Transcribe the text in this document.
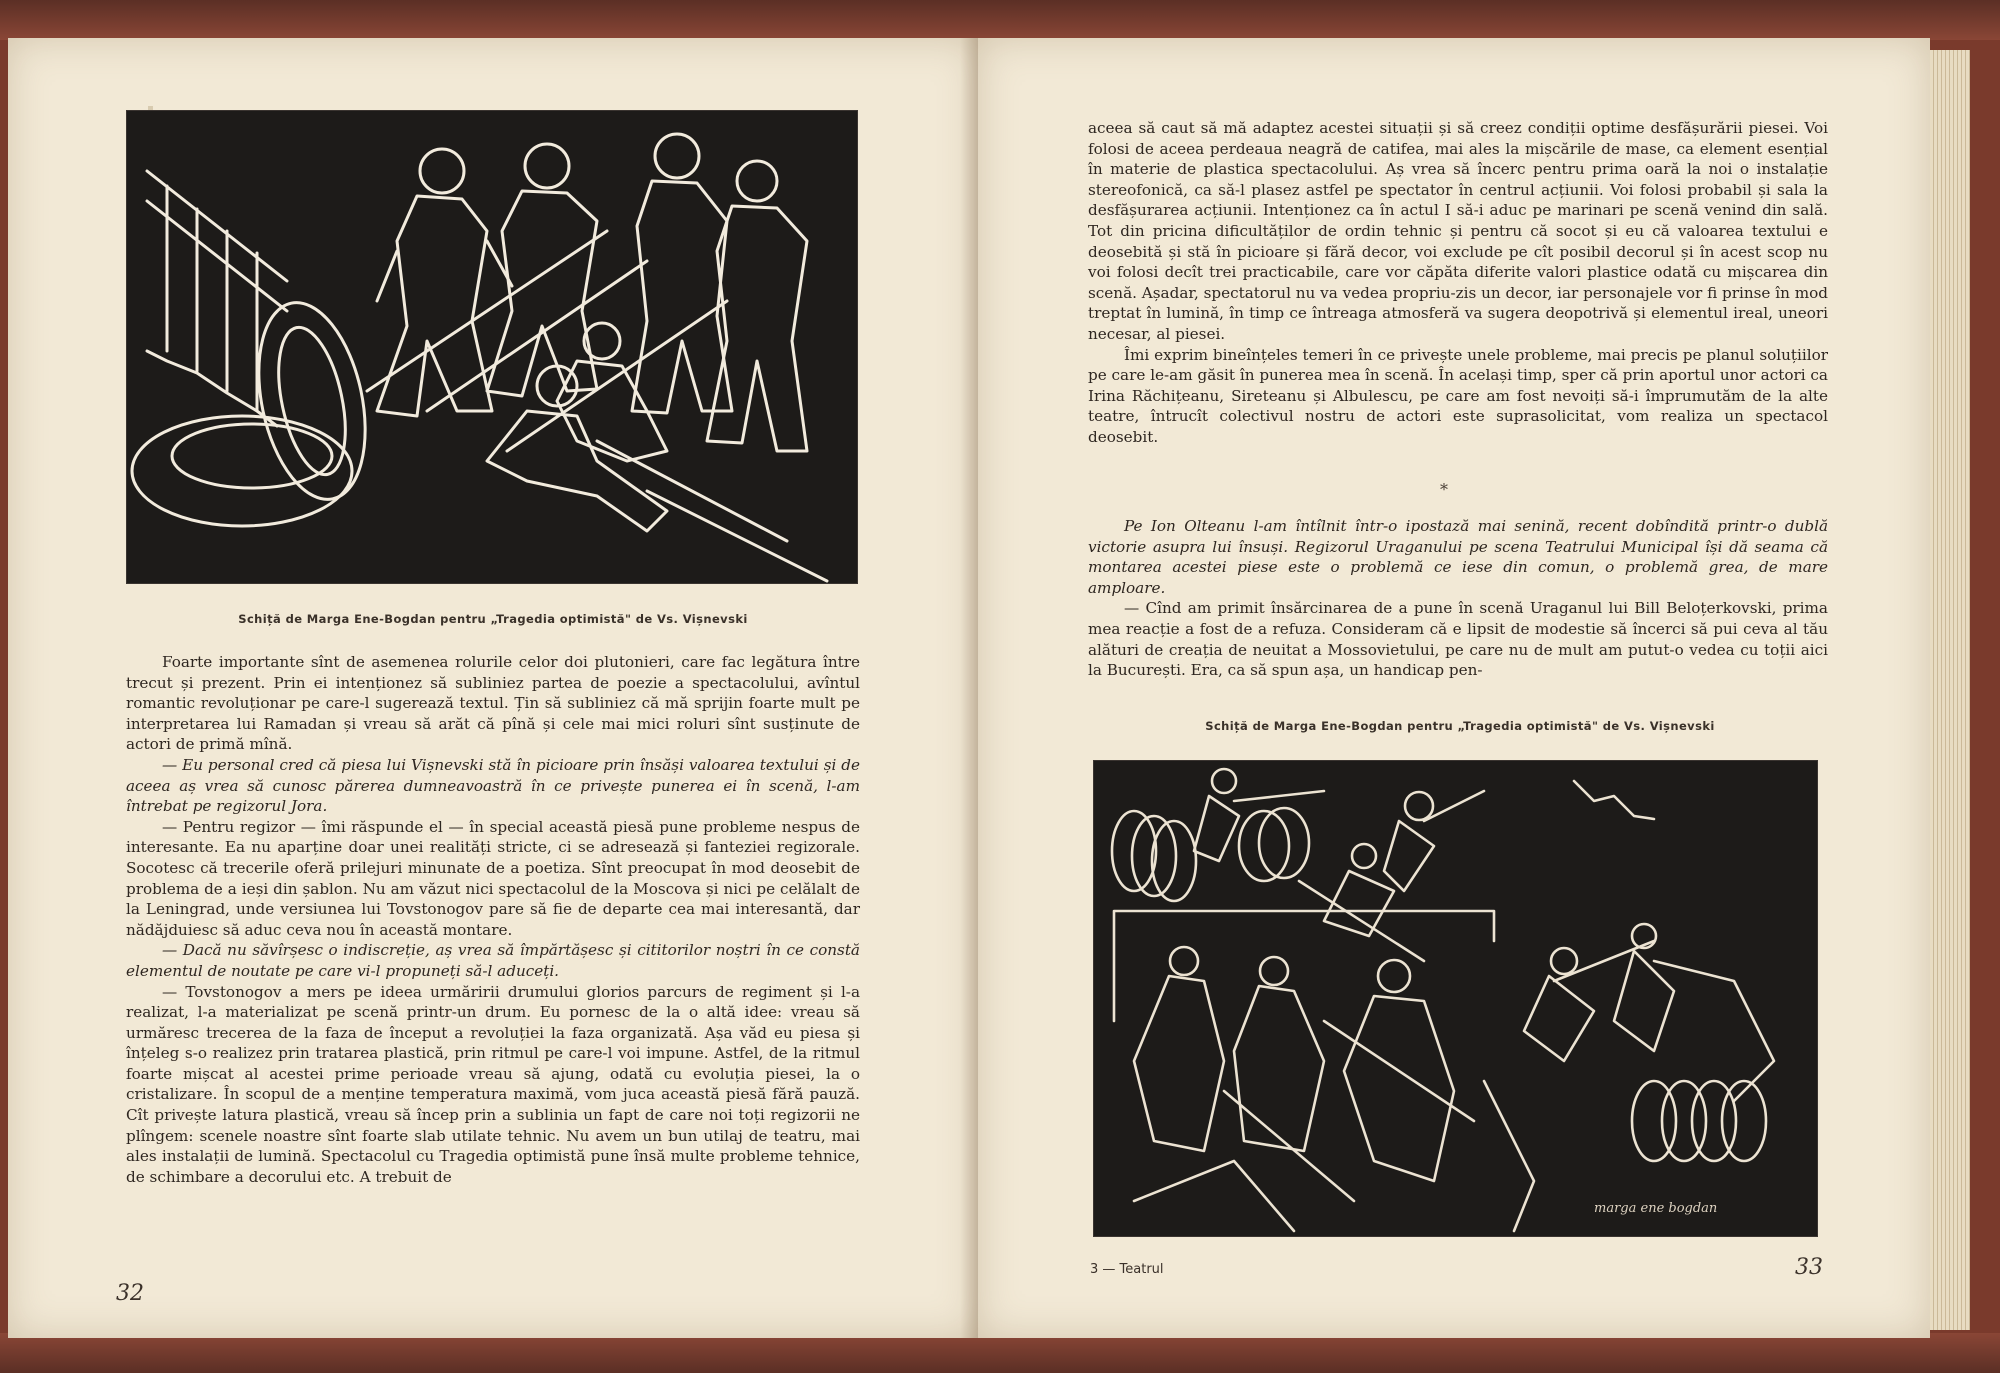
Schiță de Marga Ene-Bogdan pentru „Tragedia optimistă" de Vs. Vișnevski

Foarte importante sînt de asemenea rolurile celor doi plutonieri, care fac legătura între trecut și prezent. Prin ei intenționez să subliniez partea de poezie a spectacolului, avîntul romantic revoluționar pe care-l sugerează textul. Țin să subliniez că mă sprijin foarte mult pe interpretarea lui Ramadan și vreau să arăt că pînă și cele mai mici roluri sînt susținute de actori de primă mînă.

— Eu personal cred că piesa lui Vișnevski stă în picioare prin însăși valoarea textului și de aceea aș vrea să cunosc părerea dumneavoastră în ce privește punerea ei în scenă, l-am întrebat pe regizorul Jora.

— Pentru regizor — îmi răspunde el — în special această piesă pune probleme nespus de interesante. Ea nu aparține doar unei realități stricte, ci se adresează și fanteziei regizorale. Socotesc că trecerile oferă prilejuri minunate de a poetiza. Sînt preocupat în mod deosebit de problema de a ieși din șablon. Nu am văzut nici spectacolul de la Moscova și nici pe celălalt de la Leningrad, unde versiunea lui Tovstonogov pare să fie de departe cea mai interesantă, dar nădăjduiesc să aduc ceva nou în această montare.

— Dacă nu săvîrșesc o indiscreție, aș vrea să împărtășesc și cititorilor noștri în ce constă elementul de noutate pe care vi-l propuneți să-l aduceți.

— Tovstonogov a mers pe ideea urmăririi drumului glorios parcurs de regiment și l-a realizat, l-a materializat pe scenă printr-un drum. Eu pornesc de la o altă idee: vreau să urmăresc trecerea de la faza de început a revoluției la faza organizată. Așa văd eu piesa și înțeleg s-o realizez prin tratarea plastică, prin ritmul pe care-l voi impune. Astfel, de la ritmul foarte mișcat al acestei prime perioade vreau să ajung, odată cu evoluția piesei, la o cristalizare. În scopul de a menține temperatura maximă, vom juca această piesă fără pauză. Cît privește latura plastică, vreau să încep prin a sublinia un fapt de care noi toți regizorii ne plîngem: scenele noastre sînt foarte slab utilate tehnic. Nu avem un bun utilaj de teatru, mai ales instalații de lumină. Spectacolul cu Tragedia optimistă pune însă multe probleme tehnice, de schimbare a decorului etc. A trebuit de

32

aceea să caut să mă adaptez acestei situații și să creez condiții optime desfășurării piesei. Voi folosi de aceea perdeaua neagră de catifea, mai ales la mișcările de mase, ca element esențial în materie de plastica spectacolului. Aș vrea să încerc pentru prima oară la noi o instalație stereofonică, ca să-l plasez astfel pe spectator în centrul acțiunii. Voi folosi probabil și sala la desfășurarea acțiunii. Intenționez ca în actul I să-i aduc pe marinari pe scenă venind din sală. Tot din pricina dificultăților de ordin tehnic și pentru că socot și eu că valoarea textului e deosebită și stă în picioare și fără decor, voi exclude pe cît posibil decorul și în acest scop nu voi folosi decît trei practicabile, care vor căpăta diferite valori plastice odată cu mișcarea din scenă. Așadar, spectatorul nu va vedea propriu-zis un decor, iar personajele vor fi prinse în mod treptat în lumină, în timp ce întreaga atmosferă va sugera deopotrivă și elementul ireal, uneori necesar, al piesei.

Îmi exprim bineînțeles temeri în ce privește unele probleme, mai precis pe planul soluțiilor pe care le-am găsit în punerea mea în scenă. În același timp, sper că prin aportul unor actori ca Irina Răchițeanu, Sireteanu și Albulescu, pe care am fost nevoiți să-i împrumutăm de la alte teatre, întrucît colectivul nostru de actori este suprasolicitat, vom realiza un spectacol deosebit.

*

Pe Ion Olteanu l-am întîlnit într-o ipostază mai senină, recent dobîndită printr-o dublă victorie asupra lui însuși. Regizorul Uraganului pe scena Teatrului Municipal își dă seama că montarea acestei piese este o problemă ce iese din comun, o problemă grea, de mare amploare.

— Cînd am primit însărcinarea de a pune în scenă Uraganul lui Bill Beloțerkovski, prima mea reacție a fost de a refuza. Consideram că e lipsit de modestie să încerci să pui ceva al tău alături de creația de neuitat a Mossovietului, pe care nu de mult am putut-o vedea cu toții aici la București. Era, ca să spun așa, un handicap pen-

Schiță de Marga Ene-Bogdan pentru „Tragedia optimistă" de Vs. Vișnevski
marga ene bogdan
3 — Teatrul	33
